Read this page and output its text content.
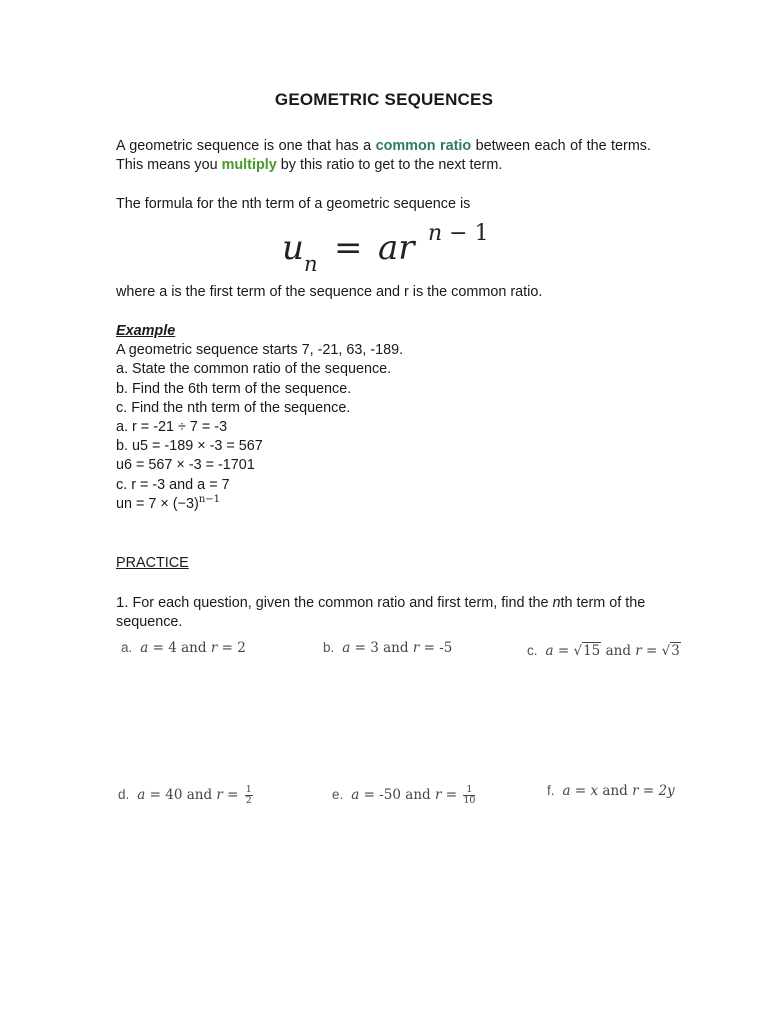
GEOMETRIC SEQUENCES
A geometric sequence is one that has a common ratio between each of the terms. This means you multiply by this ratio to get to the next term.
The formula for the nth term of a geometric sequence is
u n = ar n − 1
where a is the first term of the sequence and r is the common ratio.
Example
A geometric sequence starts 7, -21, 63, -189.
a. State the common ratio of the sequence.
b. Find the 6th term of the sequence.
c. Find the nth term of the sequence.
a. r = -21 ÷ 7 = -3
b. u5 = -189 × -3 = 567
u6 = 567 × -3 = -1701
c. r = -3 and a = 7
un = $7 \times (-3)^{n-1}$
PRACTICE
1. For each question, given the common ratio and first term, find the nth term of the sequence.
a. a = 4 and r = 2	b. a = 3 and r = -5	c. a = √15 and r = √3
d. a = 40 and $r = \frac{1}{2}$	e. a = -50 and $r = \frac{1}{10}$	f. a = x and r = 2y
